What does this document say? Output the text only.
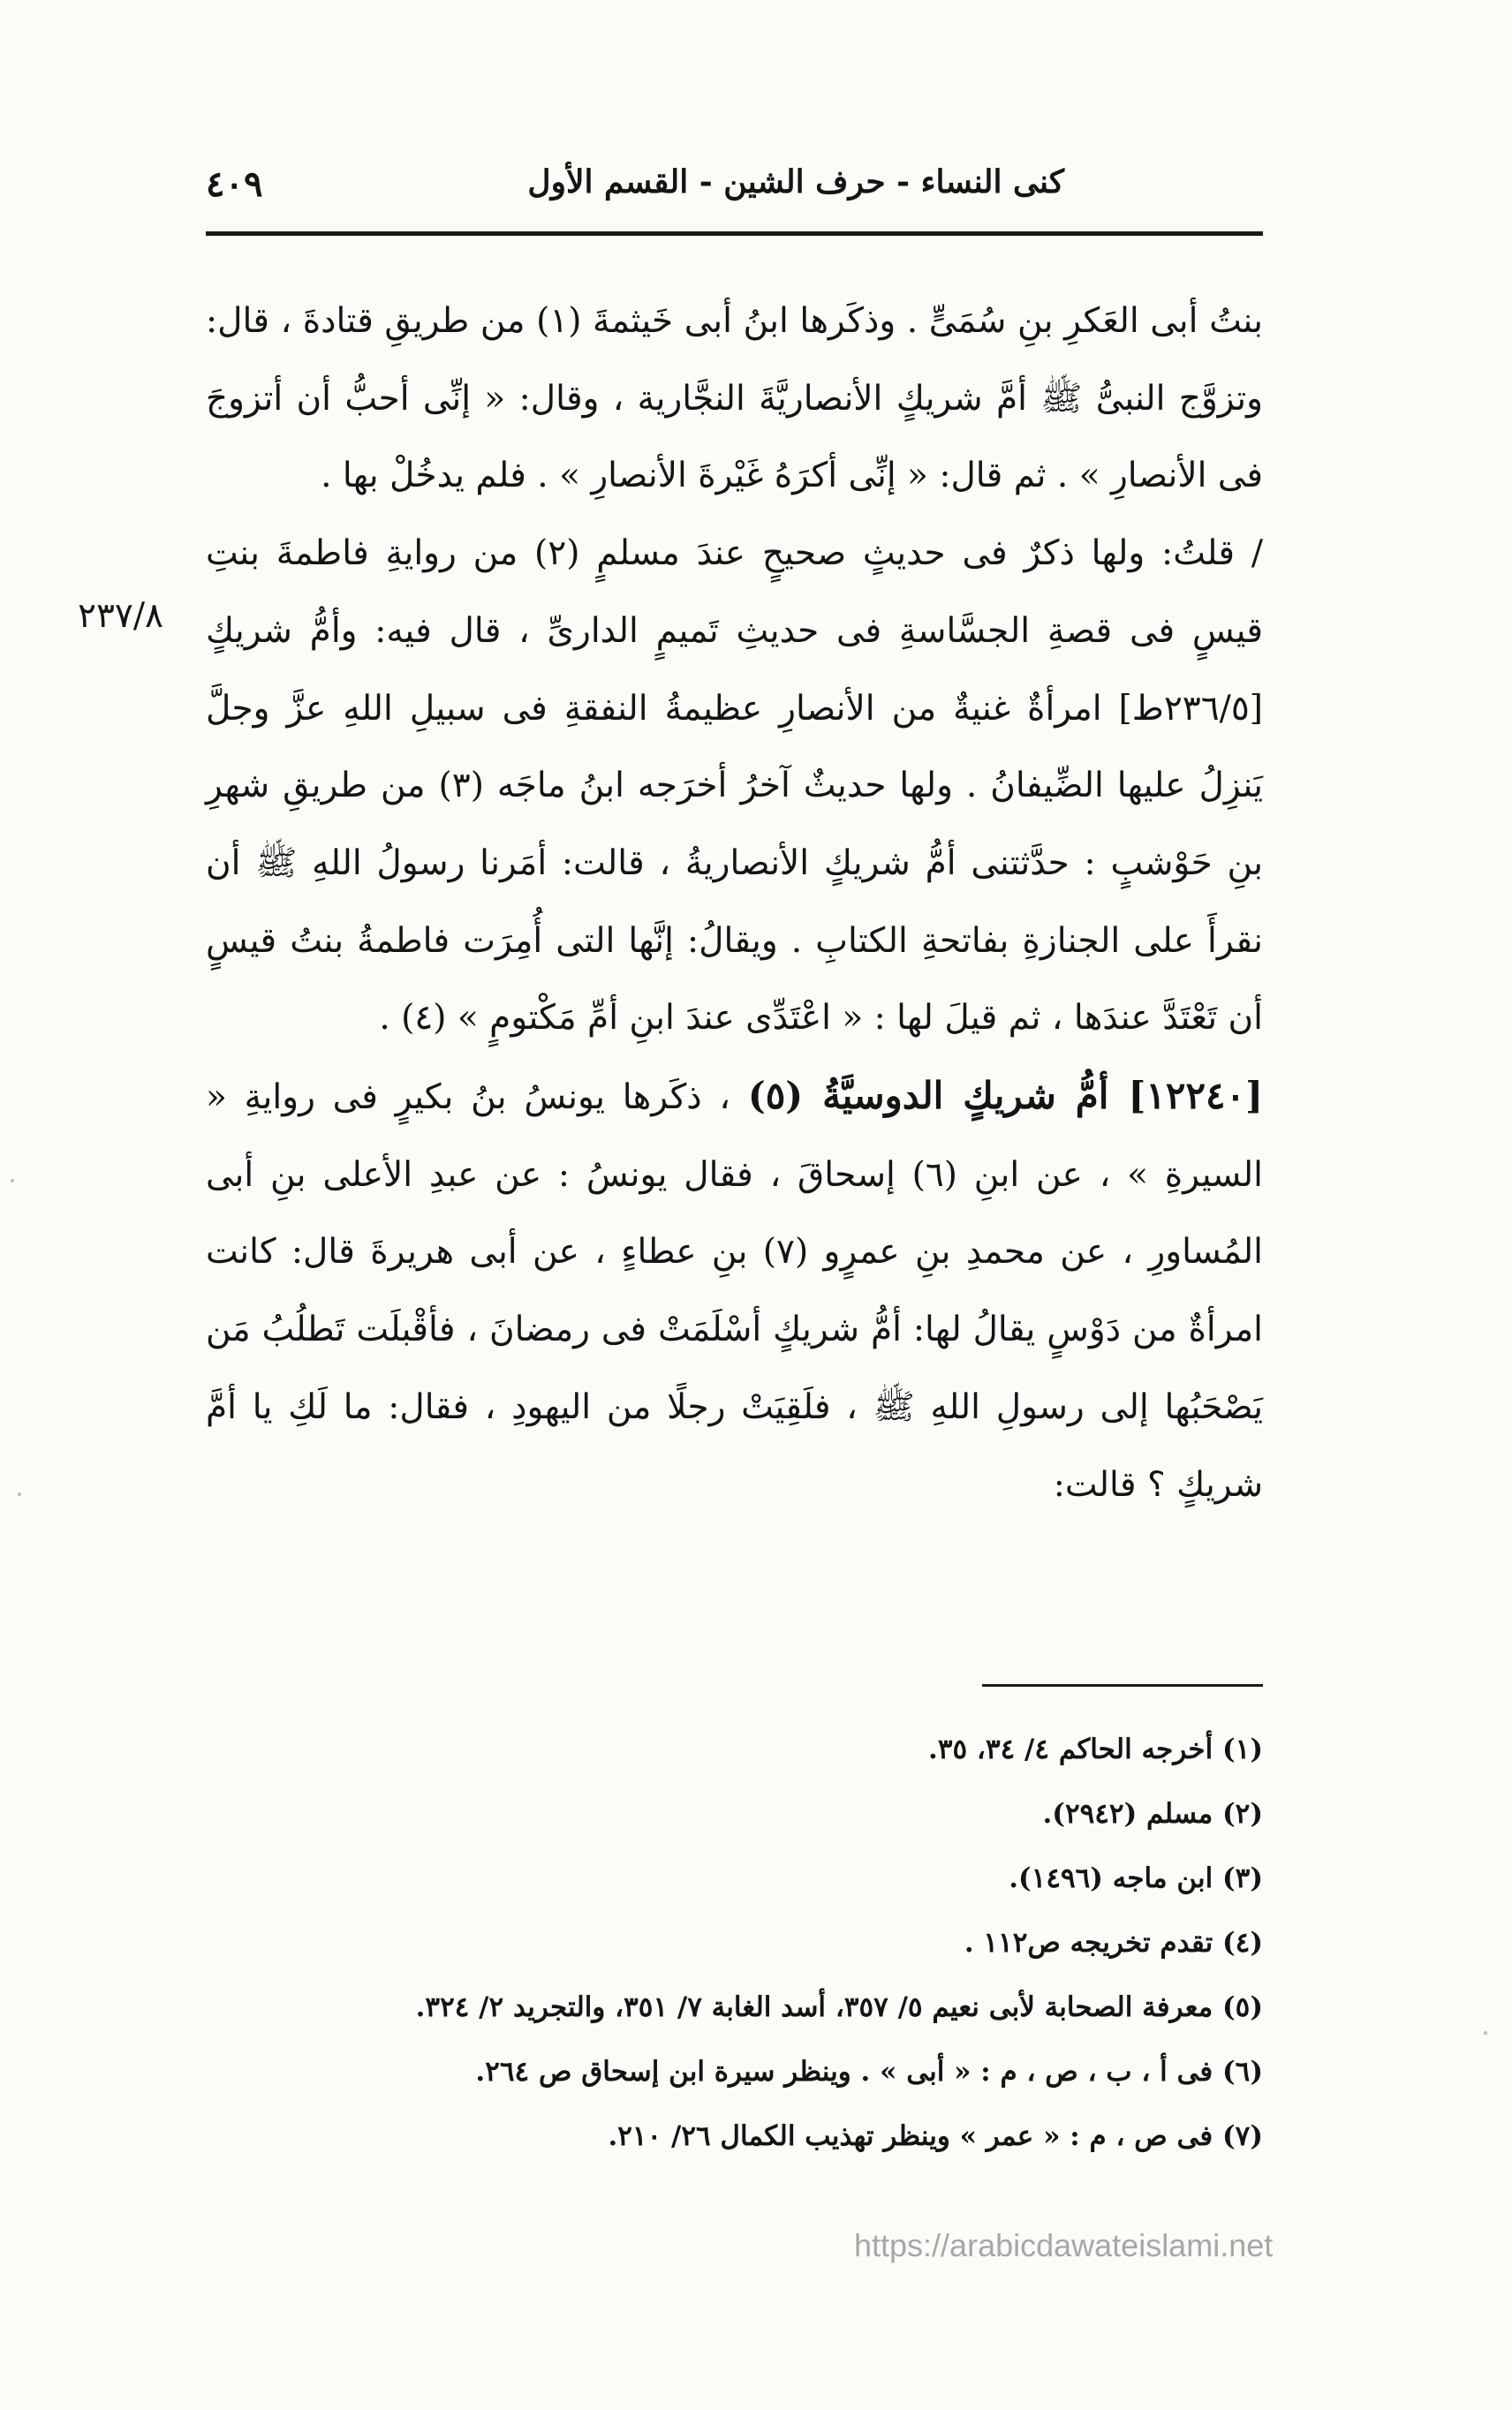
٤٠٩	كنى النساء - حرف الشين - القسم الأول
٢٣٧/٨

بنتُ أبى العَكرِ بنِ سُمَىٍّ . وذكَرها ابنُ أبى خَيثمةَ (١) من طريقِ قتادةَ ، قال: وتزوَّج النبىُّ ﷺ أمَّ شريكٍ الأنصاريَّةَ النجَّارية ، وقال: « إنِّى أحبُّ أن أتزوجَ فى الأنصارِ » . ثم قال: « إنِّى أكرَهُ غَيْرةَ الأنصارِ » . فلم يدخُلْ بها .

/ قلتُ: ولها ذكرٌ فى حديثٍ صحيحٍ عندَ مسلمٍ (٢) من روايةِ فاطمةَ بنتِ قيسٍ فى قصةِ الجسَّاسةِ فى حديثِ تَميمٍ الدارىِّ ، قال فيه: وأمُّ شريكٍ [٢٣٦/٥ط] امرأةٌ غنيةٌ من الأنصارِ عظيمةُ النفقةِ فى سبيلِ اللهِ عزَّ وجلَّ يَنزِلُ عليها الضِّيفانُ . ولها حديثٌ آخرُ أخرَجه ابنُ ماجَه (٣) من طريقِ شهرِ بنِ حَوْشبٍ : حدَّثتنى أمُّ شريكٍ الأنصاريةُ ، قالت: أمَرنا رسولُ اللهِ ﷺ أن نقرأَ على الجنازةِ بفاتحةِ الكتابِ . ويقالُ: إنَّها التى أُمِرَت فاطمةُ بنتُ قيسٍ أن تَعْتَدَّ عندَها ، ثم قيلَ لها : « اعْتَدِّى عندَ ابنِ أمِّ مَكْتومٍ » (٤) .

[١٢٢٤٠] أمُّ شريكٍ الدوسيَّةُ (٥) ، ذكَرها يونسُ بنُ بكيرٍ فى روايةِ « السيرةِ » ، عن ابنِ (٦) إسحاقَ ، فقال يونسُ : عن عبدِ الأعلى بنِ أبى المُساورِ ، عن محمدِ بنِ عمرٍو (٧) بنِ عطاءٍ ، عن أبى هريرةَ قال: كانت امرأةٌ من دَوْسٍ يقالُ لها: أمُّ شريكٍ أسْلَمَتْ فى رمضانَ ، فأقْبلَت تَطلُبُ مَن يَصْحَبُها إلى رسولِ اللهِ ﷺ ، فلَقِيَتْ رجلًا من اليهودِ ، فقال: ما لَكِ يا أمَّ شريكٍ ؟ قالت:

(١) أخرجه الحاكم ٤/ ٣٤، ٣٥.
(٢) مسلم (٢٩٤٢).
(٣) ابن ماجه (١٤٩٦).
(٤) تقدم تخريجه ص١١٢ .
(٥) معرفة الصحابة لأبى نعيم ٥/ ٣٥٧، أسد الغابة ٧/ ٣٥١، والتجريد ٢/ ٣٢٤.
(٦) فى أ ، ب ، ص ، م : « أبى » . وينظر سيرة ابن إسحاق ص ٢٦٤.
(٧) فى ص ، م : « عمر » وينظر تهذيب الكمال ٢٦/ ٢١٠.
https://arabicdawateislami.net
